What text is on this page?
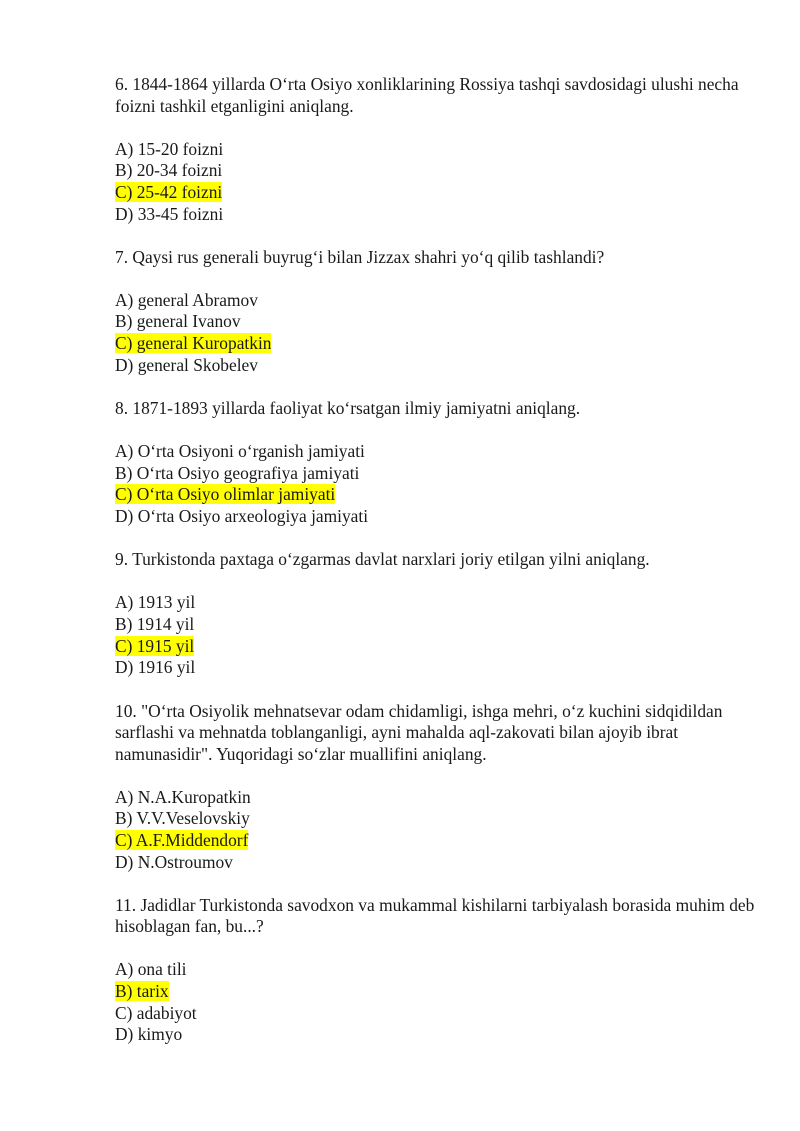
6. 1844-1864 yillarda O‘rta Osiyo xonliklarining Rossiya tashqi savdosidagi ulushi necha foizni tashkil etganligini aniqlang.

A) 15-20 foizni
B) 20-34 foizni
C) 25-42 foizni
D) 33-45 foizni

7. Qaysi rus generali buyrug‘i bilan Jizzax shahri yo‘q qilib tashlandi?

A) general Abramov
B) general Ivanov
C) general Kuropatkin
D) general Skobelev

8. 1871-1893 yillarda faoliyat ko‘rsatgan ilmiy jamiyatni aniqlang.

A) O‘rta Osiyoni o‘rganish jamiyati
B) O‘rta Osiyo geografiya jamiyati
C) O‘rta Osiyo olimlar jamiyati
D) O‘rta Osiyo arxeologiya jamiyati

9. Turkistonda paxtaga o‘zgarmas davlat narxlari joriy etilgan yilni aniqlang.

A) 1913 yil
B) 1914 yil
C) 1915 yil
D) 1916 yil

10. "O‘rta Osiyolik mehnatsevar odam chidamligi, ishga mehri, o‘z kuchini sidqidildan sarflashi va mehnatda toblanganligi, ayni mahalda aql-zakovati bilan ajoyib ibrat namunasidir". Yuqoridagi so‘zlar muallifini aniqlang.

A) N.A.Kuropatkin
B) V.V.Veselovskiy
C) A.F.Middendorf
D) N.Ostroumov

11. Jadidlar Turkistonda savodxon va mukammal kishilarni tarbiyalash borasida muhim deb hisoblagan fan, bu...?

A) ona tili
B) tarix
C) adabiyot
D) kimyo
